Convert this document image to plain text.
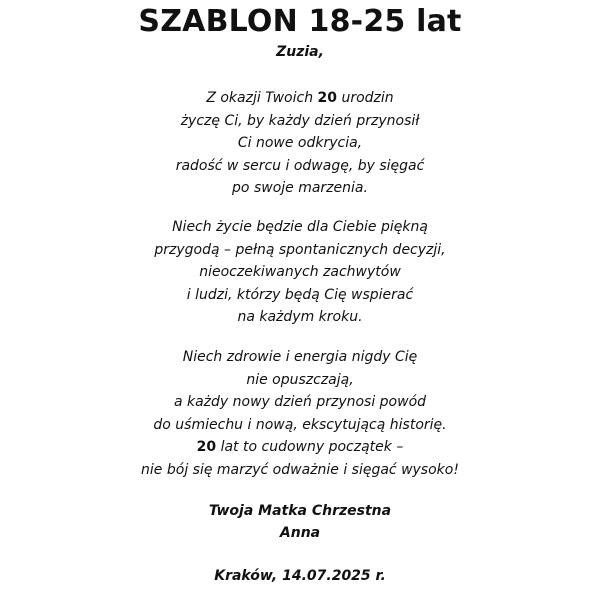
SZABLON 18-25 lat
Zuzia,
Z okazji Twoich 20 urodzin
życzę Ci, by każdy dzień przynosił
Ci nowe odkrycia,
radość w sercu i odwagę, by sięgać
po swoje marzenia.
Niech życie będzie dla Ciebie piękną
przygodą – pełną spontanicznych decyzji,
nieoczekiwanych zachwytów
i ludzi, którzy będą Cię wspierać
na każdym kroku.
Niech zdrowie i energia nigdy Cię
nie opuszczają,
a każdy nowy dzień przynosi powód
do uśmiechu i nową, ekscytującą historię.
20 lat to cudowny początek –
nie bój się marzyć odważnie i sięgać wysoko!
Twoja Matka Chrzestna
Anna
Kraków, 14.07.2025 r.
